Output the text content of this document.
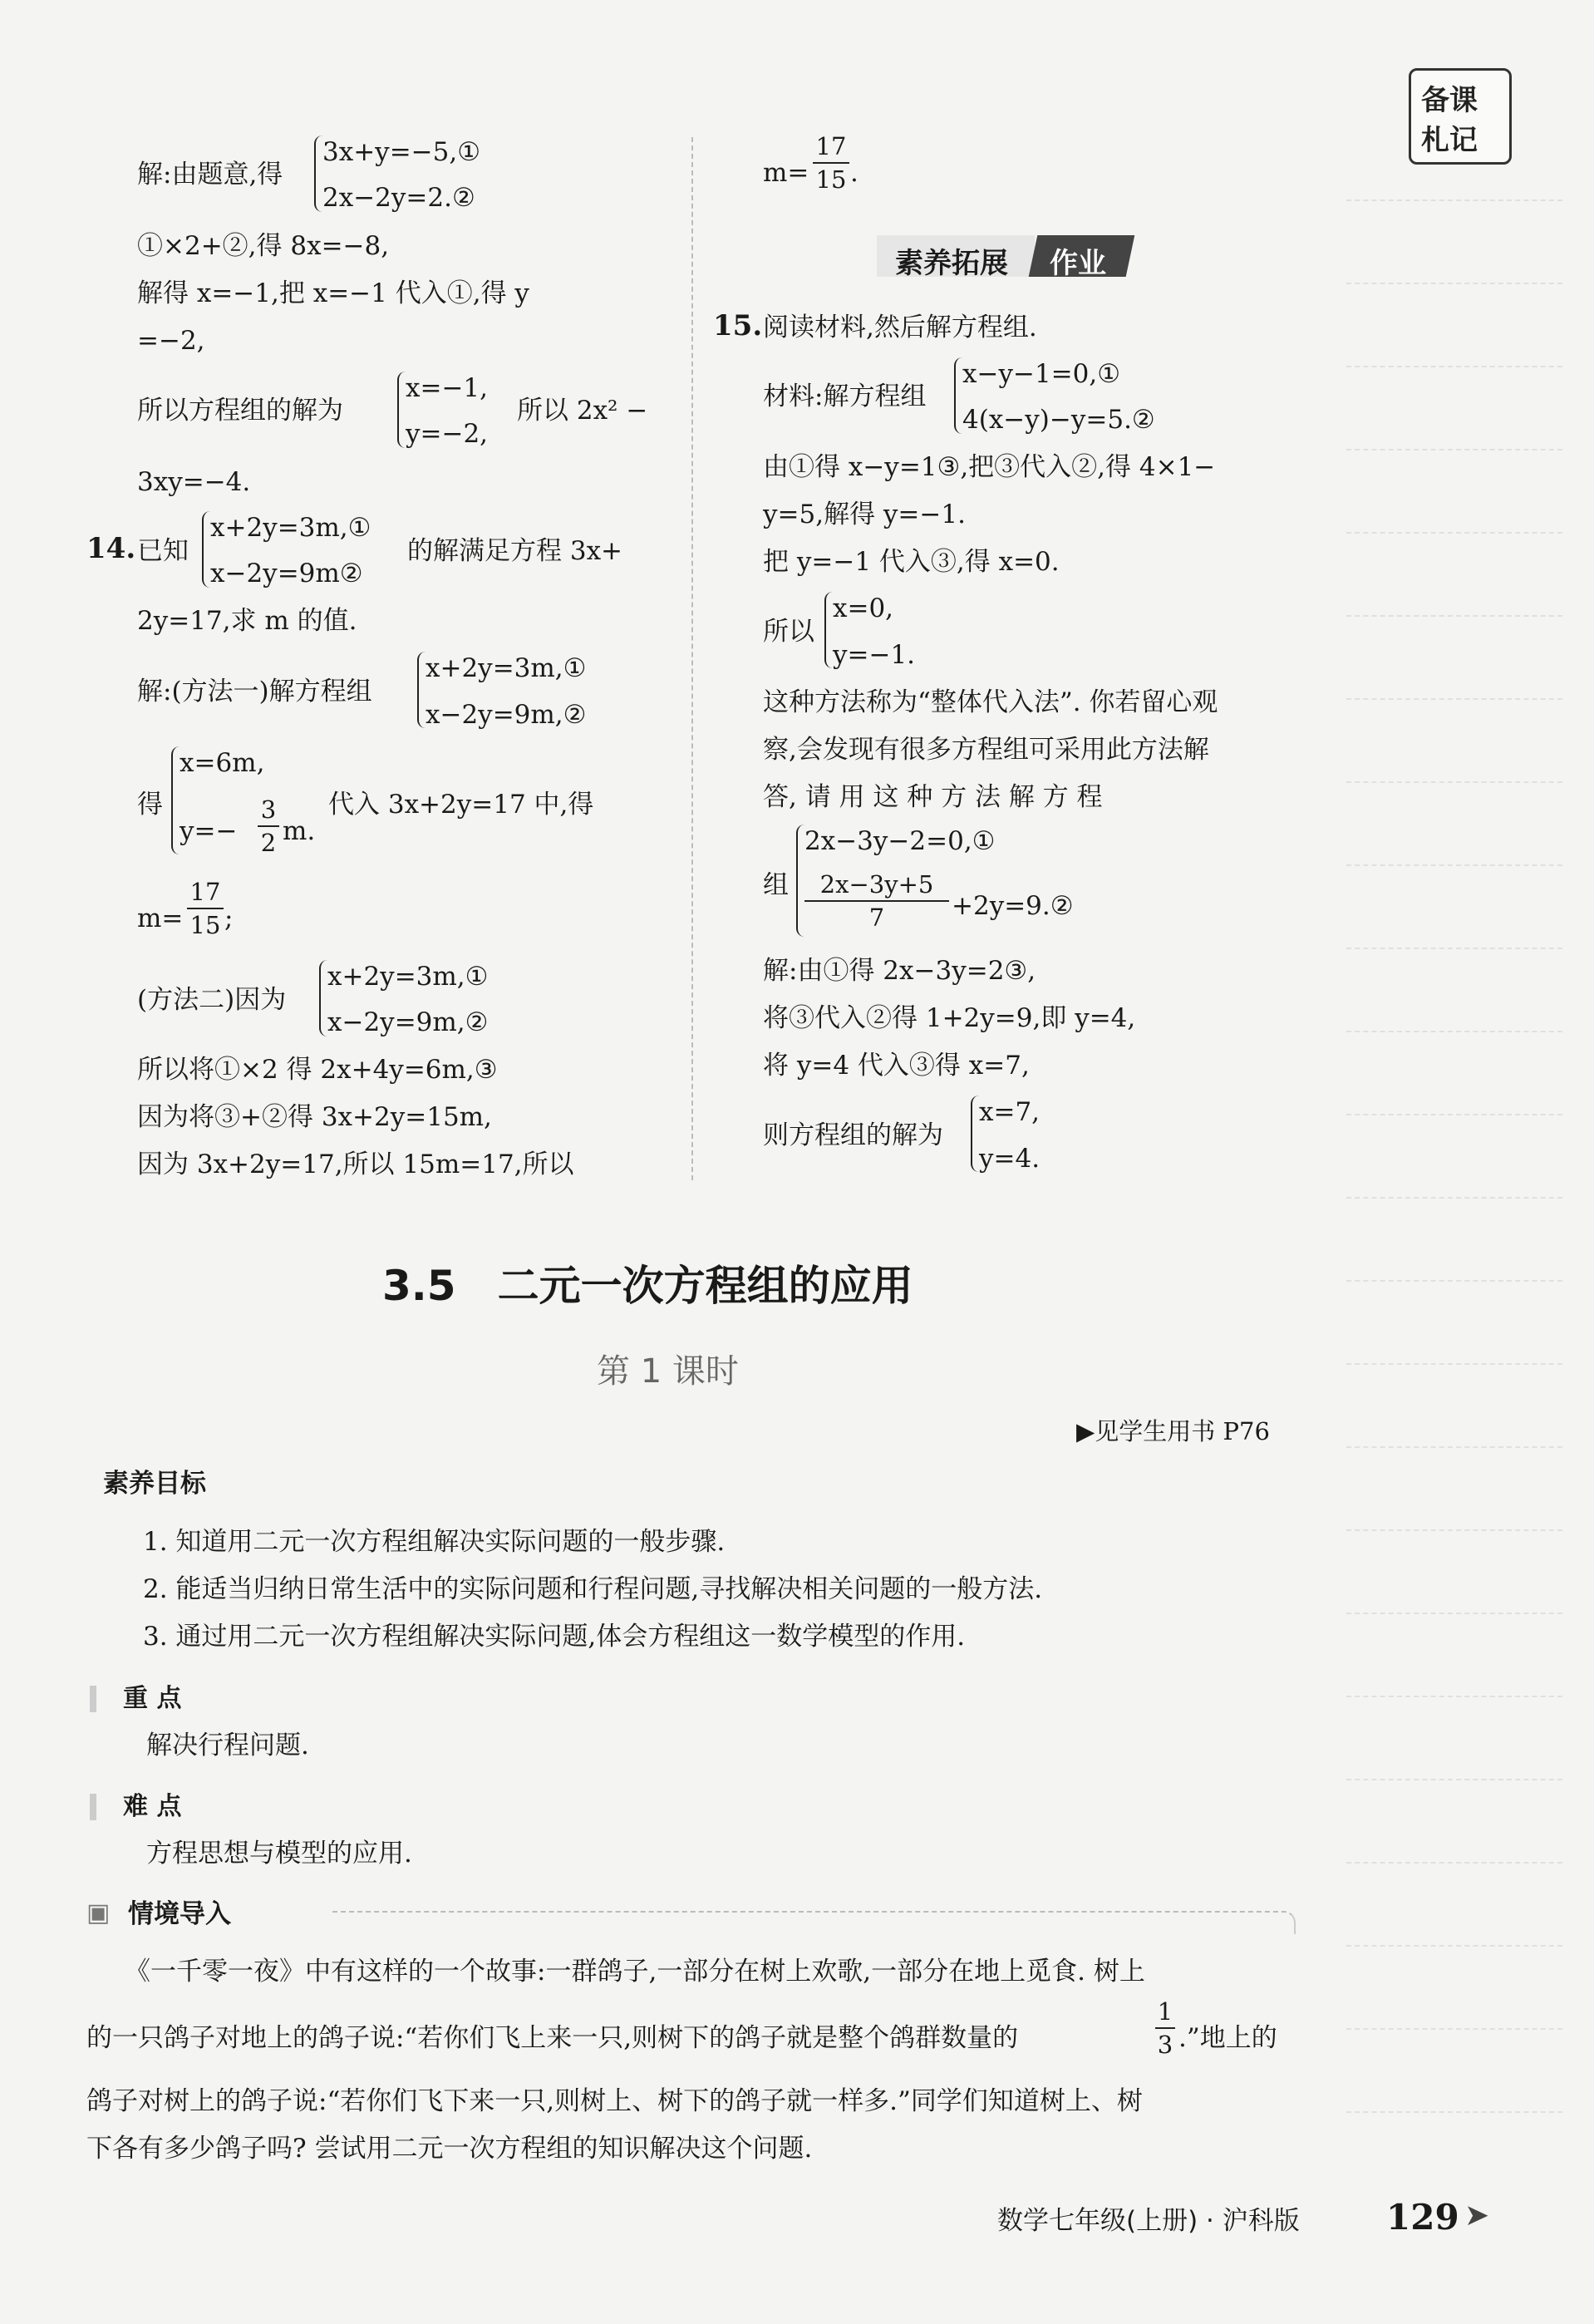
备课
札记
解:由题意,得
3x+y=−5,①
2x−2y=2.②
①×2+②,得 8x=−8,
解得 x=−1,把 x=−1 代入①,得 y
=−2,
所以方程组的解为
x=−1,
y=−2,
所以 2x² −
3xy=−4.
14. 已知
x+2y=3m,①
x−2y=9m②
的解满足方程 3x+
2y=17,求 m 的值.
解:(方法一)解方程组
x+2y=3m,①
x−2y=9m,②
得
x=6m,
y=−
3
2 m.
代入 3x+2y=17 中,得
m=
17
15 ;
(方法二)因为
x+2y=3m,①
x−2y=9m,②
所以将①×2 得 2x+4y=6m,③
因为将③+②得 3x+2y=15m,
因为 3x+2y=17,所以 15m=17,所以
m=
17
15 .
素养拓展 作业
15. 阅读材料,然后解方程组.
材料:解方程组
x−y−1=0,①
4(x−y)−y=5.②
由①得 x−y=1③,把③代入②,得 4×1−
y=5,解得 y=−1.
把 y=−1 代入③,得 x=0.
所以
x=0,
y=−1.
这种方法称为“整体代入法”. 你若留心观
察,会发现有很多方程组可采用此方法解
答, 请 用 这 种 方 法 解 方 程
组
2x−3y−2=0,①
2x−3y+5
7	+2y=9.②
解:由①得 2x−3y=2③,
将③代入②得 1+2y=9,即 y=4,
将 y=4 代入③得 x=7,
则方程组的解为
x=7,
y=4.
3.5　二元一次方程组的应用
第 1 课时
▶见学生用书 P76
素养目标
1. 知道用二元一次方程组解决实际问题的一般步骤.
2. 能适当归纳日常生活中的实际问题和行程问题,寻找解决相关问题的一般方法.
3. 通过用二元一次方程组解决实际问题,体会方程组这一数学模型的作用.
重 点
解决行程问题.
难 点
方程思想与模型的应用.
▣ 情境导入
《一千零一夜》中有这样的一个故事:一群鸽子,一部分在树上欢歌,一部分在地上觅食. 树上
的一只鸽子对地上的鸽子说:“若你们飞上来一只,则树下的鸽子就是整个鸽群数量的
1
3 .”地上的
鸽子对树上的鸽子说:“若你们飞下来一只,则树上、树下的鸽子就一样多.”同学们知道树上、树
下各有多少鸽子吗? 尝试用二元一次方程组的知识解决这个问题.
数学七年级(上册) · 沪科版 129 ➤
